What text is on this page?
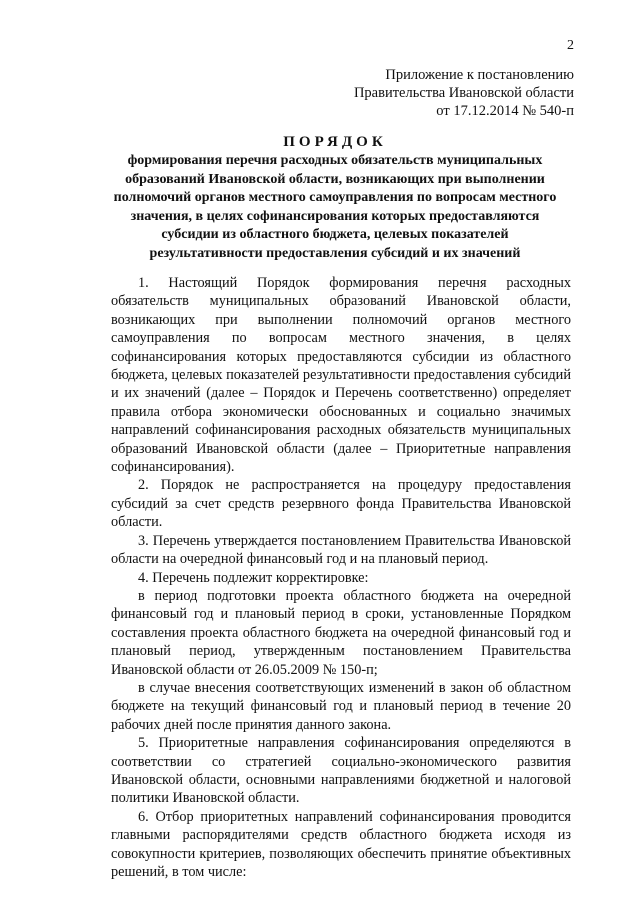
2
Приложение к постановлению
Правительства Ивановской области
от 17.12.2014 № 540-п
ПОРЯДОК
формирования перечня расходных обязательств муниципальных образований Ивановской области, возникающих при выполнении полномочий органов местного самоуправления по вопросам местного значения, в целях софинансирования которых предоставляются субсидии из областного бюджета, целевых показателей результативности предоставления субсидий и их значений

1. Настоящий Порядок формирования перечня расходных обязательств муниципальных образований Ивановской области, возникающих при выполнении полномочий органов местного самоуправления по вопросам местного значения, в целях софинансирования которых предоставляются субсидии из областного бюджета, целевых показателей результативности предоставления субсидий и их значений (далее – Порядок и Перечень соответственно) определяет правила отбора экономически обоснованных и социально значимых направлений софинансирования расходных обязательств муниципальных образований Ивановской области (далее – Приоритетные направления софинансирования).

2. Порядок не распространяется на процедуру предоставления субсидий за счет средств резервного фонда Правительства Ивановской области.

3. Перечень утверждается постановлением Правительства Ивановской области на очередной финансовый год и на плановый период.

4. Перечень подлежит корректировке:

в период подготовки проекта областного бюджета на очередной финансовый год и плановый период в сроки, установленные Порядком составления проекта областного бюджета на очередной финансовый год и плановый период, утвержденным постановлением Правительства Ивановской области от 26.05.2009 № 150-п;

в случае внесения соответствующих изменений в закон об областном бюджете на текущий финансовый год и плановый период в течение 20 рабочих дней после принятия данного закона.

5. Приоритетные направления софинансирования определяются в соответствии со стратегией социально-экономического развития Ивановской области, основными направлениями бюджетной и налоговой политики Ивановской области.

6. Отбор приоритетных направлений софинансирования проводится главными распорядителями средств областного бюджета исходя из совокупности критериев, позволяющих обеспечить принятие объективных решений, в том числе:
